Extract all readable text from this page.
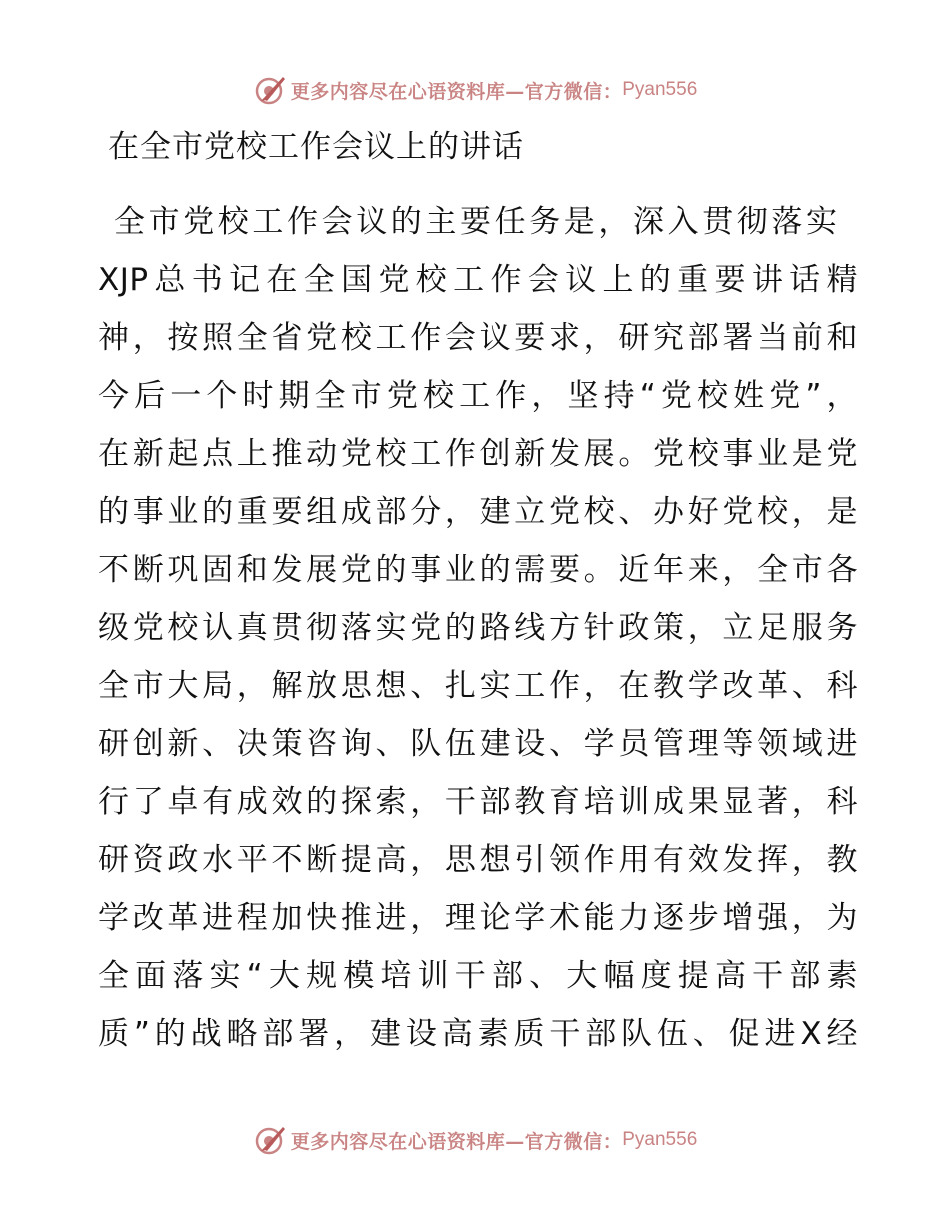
更多内容尽在心语资料库—官方微信： Pyan556
在全市党校工作会议上的讲话
全市党校工作会议的主要任务是，深入贯彻落实
XJP总书记在全国党校工作会议上的重要讲话精
神，按照全省党校工作会议要求，研究部署当前和
今后一个时期全市党校工作，坚持“党校姓党”，
在新起点上推动党校工作创新发展。党校事业是党
的事业的重要组成部分，建立党校、办好党校，是
不断巩固和发展党的事业的需要。近年来，全市各
级党校认真贯彻落实党的路线方针政策，立足服务
全市大局，解放思想、扎实工作，在教学改革、科
研创新、决策咨询、队伍建设、学员管理等领域进
行了卓有成效的探索，干部教育培训成果显著，科
研资政水平不断提高，思想引领作用有效发挥，教
学改革进程加快推进，理论学术能力逐步增强，为
全面落实“大规模培训干部、大幅度提高干部素
质”的战略部署，建设高素质干部队伍、促进X经
更多内容尽在心语资料库—官方微信： Pyan556
